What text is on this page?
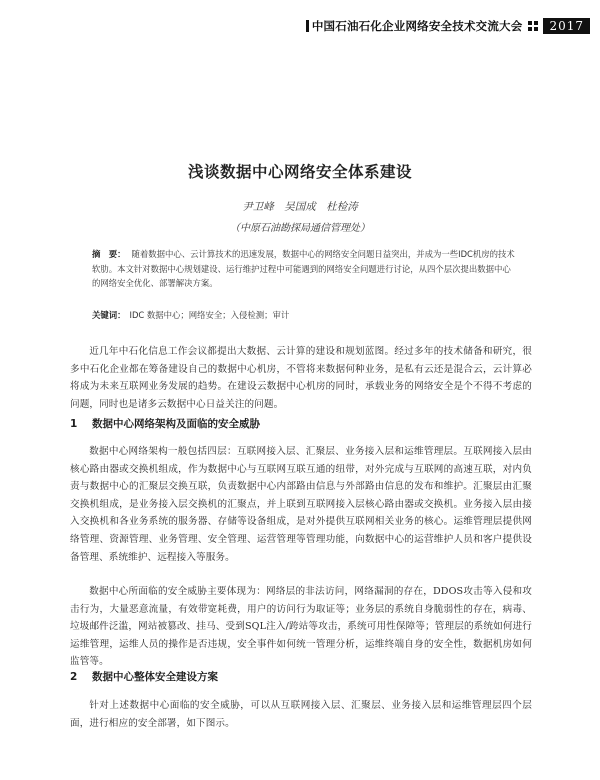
中国石油石化企业网络安全技术交流大会	2017
浅谈数据中心网络安全体系建设
尹卫峰　吴国成　杜检涛
（中原石油勘探局通信管理处）
摘　要： 随着数据中心、云计算技术的迅速发展，数据中心的网络安全问题日益突出，并成为一些IDC机房的技术软肋。本文针对数据中心规划建设、运行维护过程中可能遇到的网络安全问题进行讨论，从四个层次提出数据中心的网络安全优化、部署解决方案。
关键词： IDC 数据中心；网络安全；入侵检测；审计
近几年中石化信息工作会议都提出大数据、云计算的建设和规划蓝图。经过多年的技术储备和研究，很多中石化企业都在筹备建设自己的数据中心机房，不管将来数据何种业务，是私有云还是混合云，云计算必将成为未来互联网业务发展的趋势。在建设云数据中心机房的同时，承载业务的网络安全是个不得不考虑的问题，同时也是诸多云数据中心日益关注的问题。
1 数据中心网络架构及面临的安全威胁
数据中心网络架构一般包括四层：互联网接入层、汇聚层、业务接入层和运维管理层。互联网接入层由核心路由器或交换机组成，作为数据中心与互联网互联互通的纽带，对外完成与互联网的高速互联，对内负责与数据中心的汇聚层交换互联，负责数据中心内部路由信息与外部路由信息的发布和维护。汇聚层由汇聚交换机组成，是业务接入层交换机的汇聚点，并上联到互联网接入层核心路由器或交换机。业务接入层由接入交换机和各业务系统的服务器、存储等设备组成，是对外提供互联网相关业务的核心。运维管理层提供网络管理、资源管理、业务管理、安全管理、运营管理等管理功能，向数据中心的运营维护人员和客户提供设备管理、系统维护、远程接入等服务。
数据中心所面临的安全威胁主要体现为：网络层的非法访问，网络漏洞的存在，DDOS攻击等入侵和攻击行为，大量恶意流量，有效带宽耗费，用户的访问行为取证等；业务层的系统自身脆弱性的存在，病毒、垃圾邮件泛滥，网站被篡改、挂马、受到SQL注入/跨站等攻击，系统可用性保障等；管理层的系统如何进行运维管理，运维人员的操作是否违规，安全事件如何统一管理分析，运维终端自身的安全性，数据机房如何监管等。
2 数据中心整体安全建设方案
针对上述数据中心面临的安全威胁，可以从互联网接入层、汇聚层、业务接入层和运维管理层四个层面，进行相应的安全部署，如下图示。
